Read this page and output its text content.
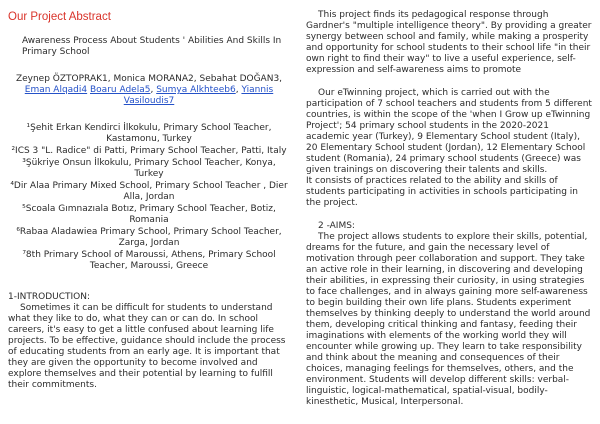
Our Project Abstract

Awareness Process About Students ' Abilities And Skills In Primary School

Zeynep ÖZTOPRAK1, Monica MORANA2, Sebahat DOĞAN3,

Eman Alqadi4 Boaru Adela5, Sumya Alkhteeb6, Yiannis Vasiloudis7

¹Şehit Erkan Kendirci İlkokulu, Primary School Teacher, Kastamonu, Turkey

²ICS 3 "L. Radice" di Patti, Primary School Teacher, Patti, Italy

³Şükriye Onsun İlkokulu, Primary School Teacher, Konya, Turkey

⁴Dir Alaa Primary Mixed School, Primary School Teacher , Dier Alla, Jordan

⁵Scoala Gımnazıala Botız, Primary School Teacher, Botiz, Romania

⁶Rabaa Aladawiea Primary School, Primary School Teacher, Zarga, Jordan

⁷8th Primary School of Maroussi, Athens, Primary School Teacher, Maroussi, Greece

1-INTRODUCTION:

Sometimes it can be difficult for students to understand what they like to do, what they can or can do. In school careers, it's easy to get a little confused about learning life projects. To be effective, guidance should include the process of educating students from an early age. It is important that they are given the opportunity to become involved and explore themselves and their potential by learning to fulfill their commitments.

This project finds its pedagogical response through Gardner's "multiple intelligence theory". By providing a greater synergy between school and family, while making a prosperity and opportunity for school students to their school life "in their own right to find their way" to live a useful experience, self-expression and self-awareness aims to promote

Our eTwinning project, which is carried out with the participation of 7 school teachers and students from 5 different countries, is within the scope of the 'when I Grow up eTwinning Project'; 54 primary school students in the 2020-2021 academic year (Turkey), 9 Elementary School student (Italy), 20 Elementary School student (Jordan), 12 Elementary School student (Romania), 24 primary school students (Greece) was given trainings on discovering their talents and skills.

It consists of practices related to the ability and skills of students participating in activities in schools participating in the project.

2 -AIMS:

The project allows students to explore their skills, potential, dreams for the future, and gain the necessary level of motivation through peer collaboration and support. They take an active role in their learning, in discovering and developing their abilities, in expressing their curiosity, in using strategies to face challenges, and in always gaining more self-awareness to begin building their own life plans. Students experiment themselves by thinking deeply to understand the world around them, developing critical thinking and fantasy, feeding their imaginations with elements of the working world they will encounter while growing up. They learn to take responsibility and think about the meaning and consequences of their choices, managing feelings for themselves, others, and the environment. Students will develop different skills: verbal-linguistic, logical-mathematical, spatial-visual, bodily-kinesthetic, Musical, Interpersonal.
